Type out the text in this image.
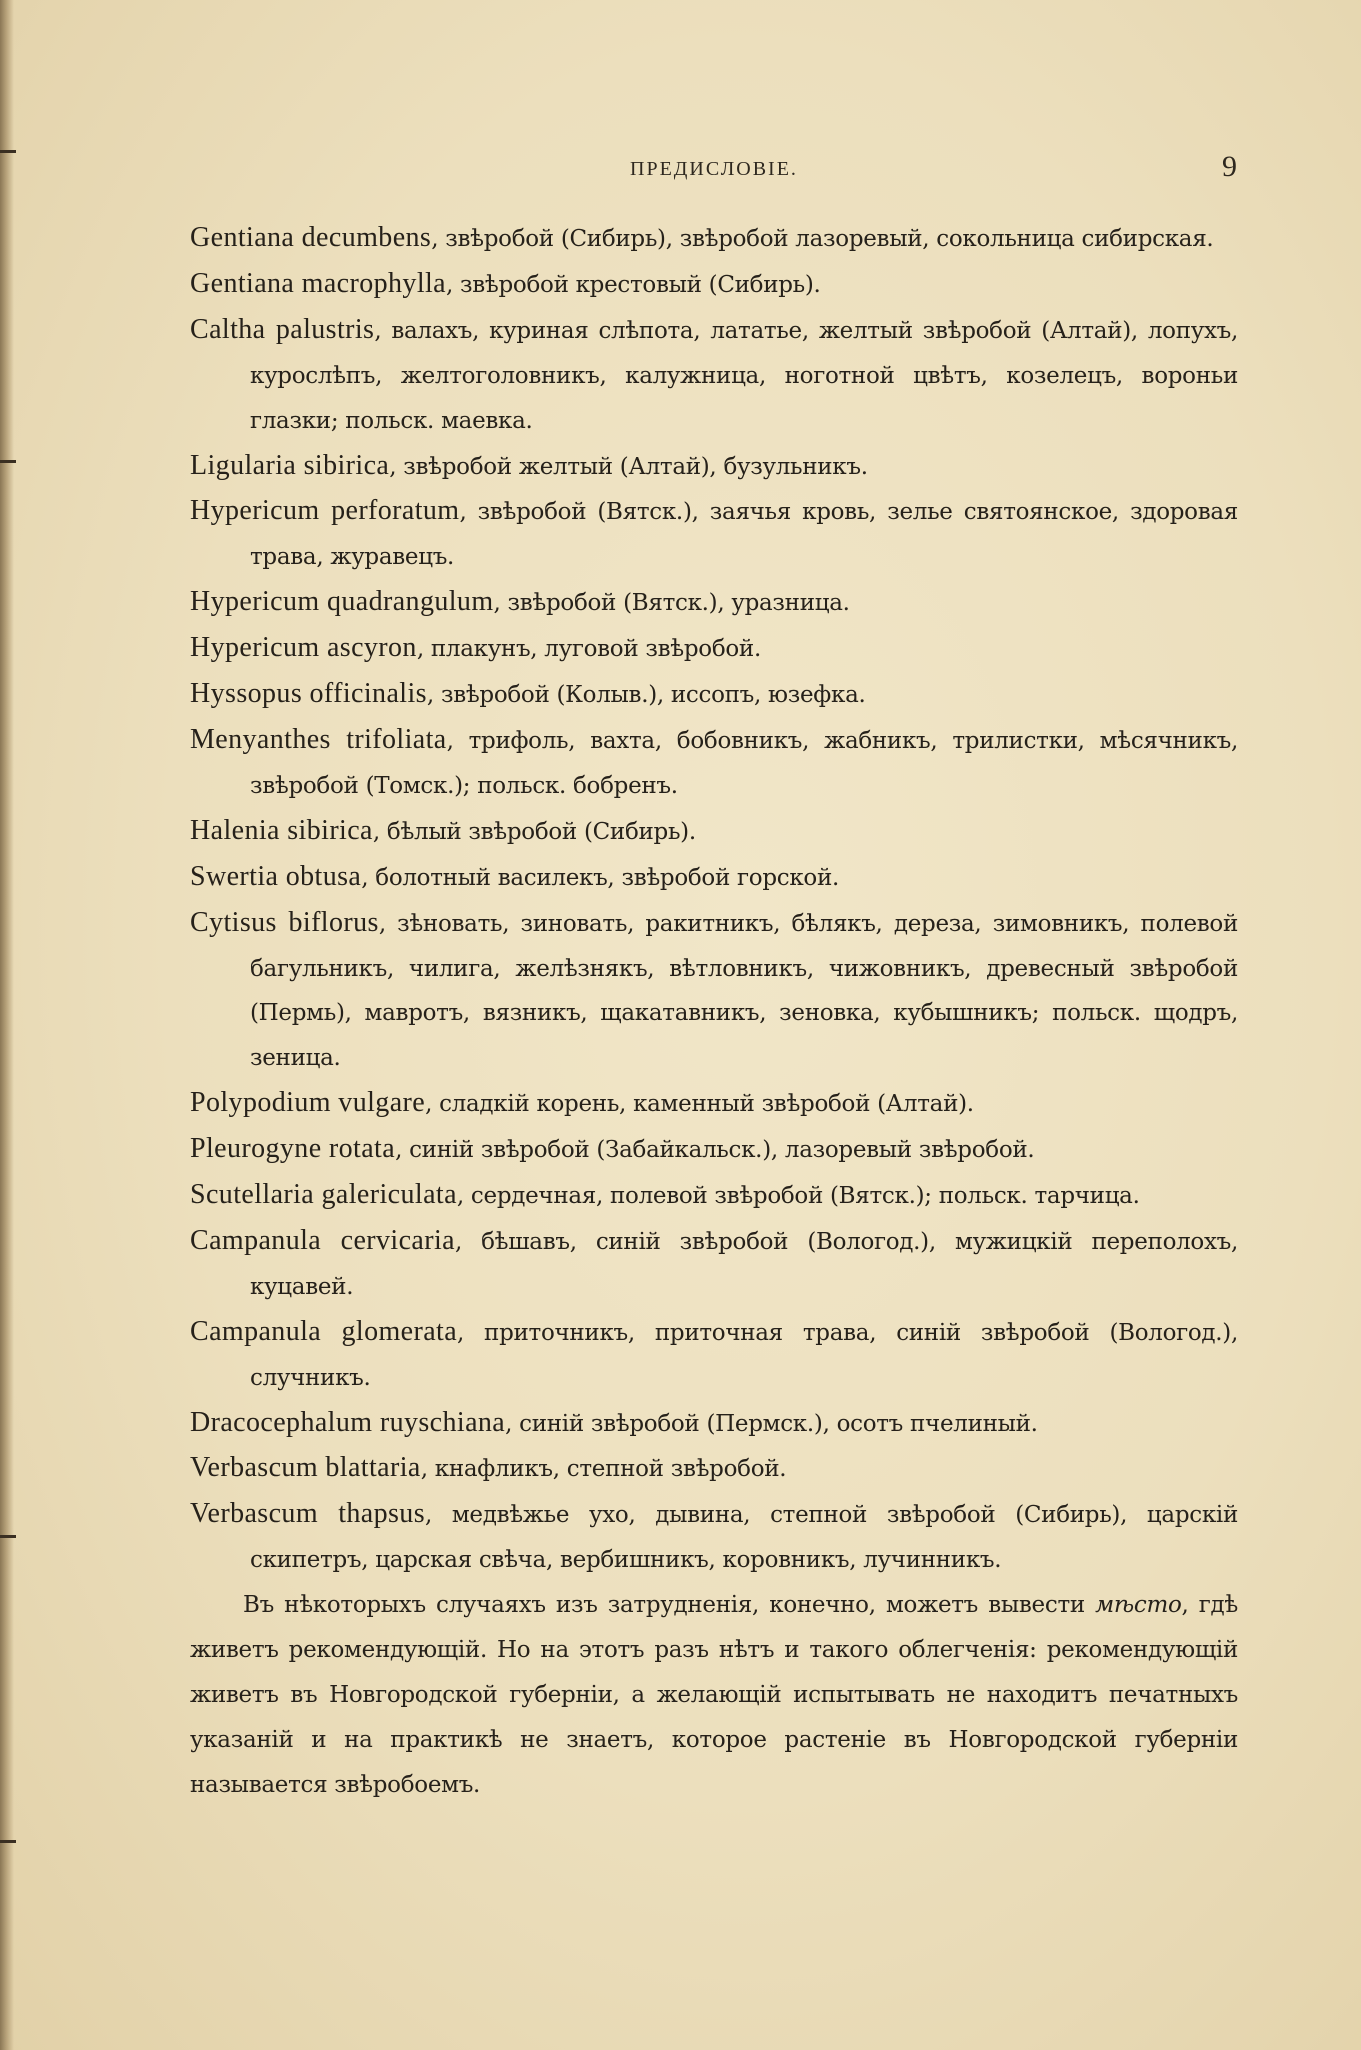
ПРЕДИСЛОВІЕ.	9

Gentiana decumbens, звѣробой (Сибирь), звѣробой лазоревый, сокольница сибирская.

Gentiana macrophylla, звѣробой крестовый (Сибирь).

Caltha palustris, валахъ, куриная слѣпота, лататье, желтый звѣробой (Алтай), лопухъ, курослѣпъ, желтоголовникъ, калужница, ноготной цвѣтъ, козелецъ, вороньи глазки; польск. маевка.

Ligularia sibirica, звѣробой желтый (Алтай), бузульникъ.

Hypericum perforatum, звѣробой (Вятск.), заячья кровь, зелье святоянское, здоровая трава, журавецъ.

Hypericum quadrangulum, звѣробой (Вятск.), уразница.

Hypericum ascyron, плакунъ, луговой звѣробой.

Hyssopus officinalis, звѣробой (Колыв.), иссопъ, юзефка.

Menyanthes trifoliata, трифоль, вахта, бобовникъ, жабникъ, трилистки, мѣсячникъ, звѣробой (Томск.); польск. бобренъ.

Halenia sibirica, бѣлый звѣробой (Сибирь).

Swertia obtusa, болотный василекъ, звѣробой горской.

Cytisus biflorus, зѣновать, зиновать, ракитникъ, бѣлякъ, дереза, зимовникъ, полевой багульникъ, чилига, желѣзнякъ, вѣтловникъ, чижовникъ, древесный звѣробой (Пермь), мавротъ, вязникъ, щакатавникъ, зеновка, кубышникъ; польск. щодръ, зеница.

Polypodium vulgare, сладкій корень, каменный звѣробой (Алтай).

Pleurogyne rotata, синій звѣробой (Забайкальск.), лазоревый звѣробой.

Scutellaria galericulata, сердечная, полевой звѣробой (Вятск.); польск. тарчица.

Campanula cervicaria, бѣшавъ, синій звѣробой (Вологод.), мужицкій переполохъ, куцавей.

Campanula glomerata, приточникъ, приточная трава, синій звѣробой (Вологод.), случникъ.

Dracocephalum ruyschiana, синій звѣробой (Пермск.), осотъ пчелиный.

Verbascum blattaria, кнафликъ, степной звѣробой.

Verbascum thapsus, медвѣжье ухо, дывина, степной звѣробой (Сибирь), царскій скипетръ, царская свѣча, вербишникъ, коровникъ, лучинникъ.

Въ нѣкоторыхъ случаяхъ изъ затрудненія, конечно, можетъ вывести мѣсто, гдѣ живетъ рекомендующій. Но на этотъ разъ нѣтъ и такого облегченія: рекомендующій живетъ въ Новгородской губерніи, а желающій испытывать не находитъ печатныхъ указаній и на практикѣ не знаетъ, которое растеніе въ Новгородской губерніи называется звѣробоемъ.
